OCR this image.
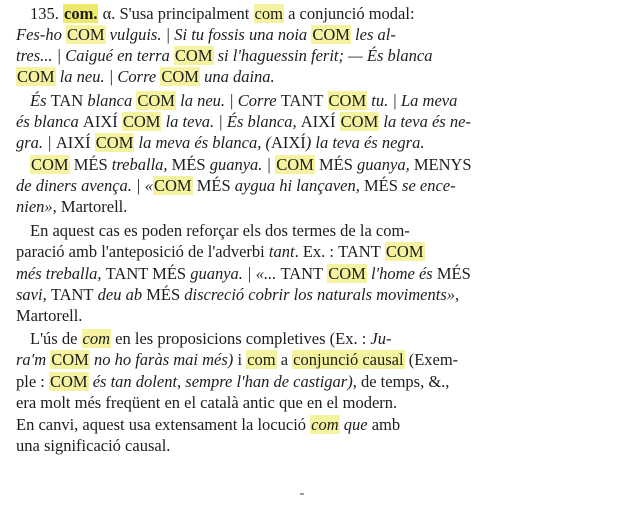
135. com. α. S'usa principalment com a conjunció modal:
Fes-ho COM vulguis. | Si tu fossis una noia COM les al-
tres... | Caigué en terra COM si l'haguessin ferit; — És blanca
COM la neu. | Corre COM una daina.
És TAN blanca COM la neu. | Corre TANT COM tu. | La meva
és blanca AIXÍ COM la teva. | És blanca, AIXÍ COM la teva és ne-
gra. | AIXÍ COM la meva és blanca, (AIXÍ) la teva és negra.
COM MÉS treballa, MÉS guanya. | COM MÉS guanya, MENYS
de diners avença. | «COM MÉS aygua hi lançaven, MÉS se ence-
nien», Martorell.
En aquest cas es poden reforçar els dos termes de la com-
paració amb l'anteposició de l'adverbi tant. Ex. : TANT COM
més treballa, TANT MÉS guanya. | «... TANT COM l'home és MÉS
savi, TANT deu ab MÉS discreció cobrir los naturals moviments»,
Martorell.
L'ús de com en les proposicions completives (Ex. : Ju-
ra'm COM no ho faràs mai més) i com a conjunció causal (Exem-
ple : COM és tan dolent, sempre l'han de castigar), de temps, &.,
era molt més freqüent en el català antic que en el modern.
En canvi, aquest usa extensament la locució com que amb
una significació causal.
